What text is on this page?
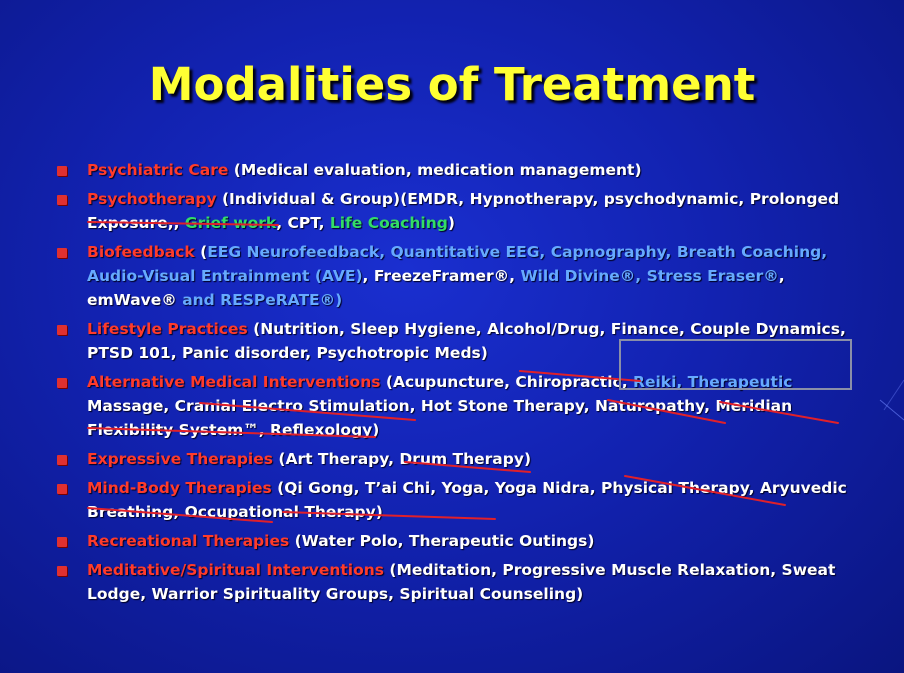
Modalities of Treatment
Psychiatric Care (Medical evaluation, medication management)
Psychotherapy (Individual & Group)(EMDR, Hypnotherapy, psychodynamic, Prolonged Exposure,, Grief work, CPT, Life Coaching)
Biofeedback (EEG Neurofeedback, Quantitative EEG, Capnography, Breath Coaching, Audio-Visual Entrainment (AVE), FreezeFramer®, Wild Divine®, Stress Eraser®, emWave® and RESPeRATE®)
Lifestyle Practices (Nutrition, Sleep Hygiene, Alcohol/Drug, Finance, Couple Dynamics, PTSD 101, Panic disorder, Psychotropic Meds)
Alternative Medical Interventions (Acupuncture, Chiropractic, Reiki, Therapeutic Massage, Cranial Electro Stimulation, Hot Stone Therapy, Naturopathy, Meridian Flexibility System™, Reflexology)
Expressive Therapies (Art Therapy, Drum Therapy)
Mind-Body Therapies (Qi Gong, T’ai Chi, Yoga, Yoga Nidra, Physical Therapy, Aryuvedic Breathing, Occupational Therapy)
Recreational Therapies (Water Polo, Therapeutic Outings)
Meditative/Spiritual Interventions (Meditation, Progressive Muscle Relaxation, Sweat Lodge, Warrior Spirituality Groups, Spiritual Counseling)
